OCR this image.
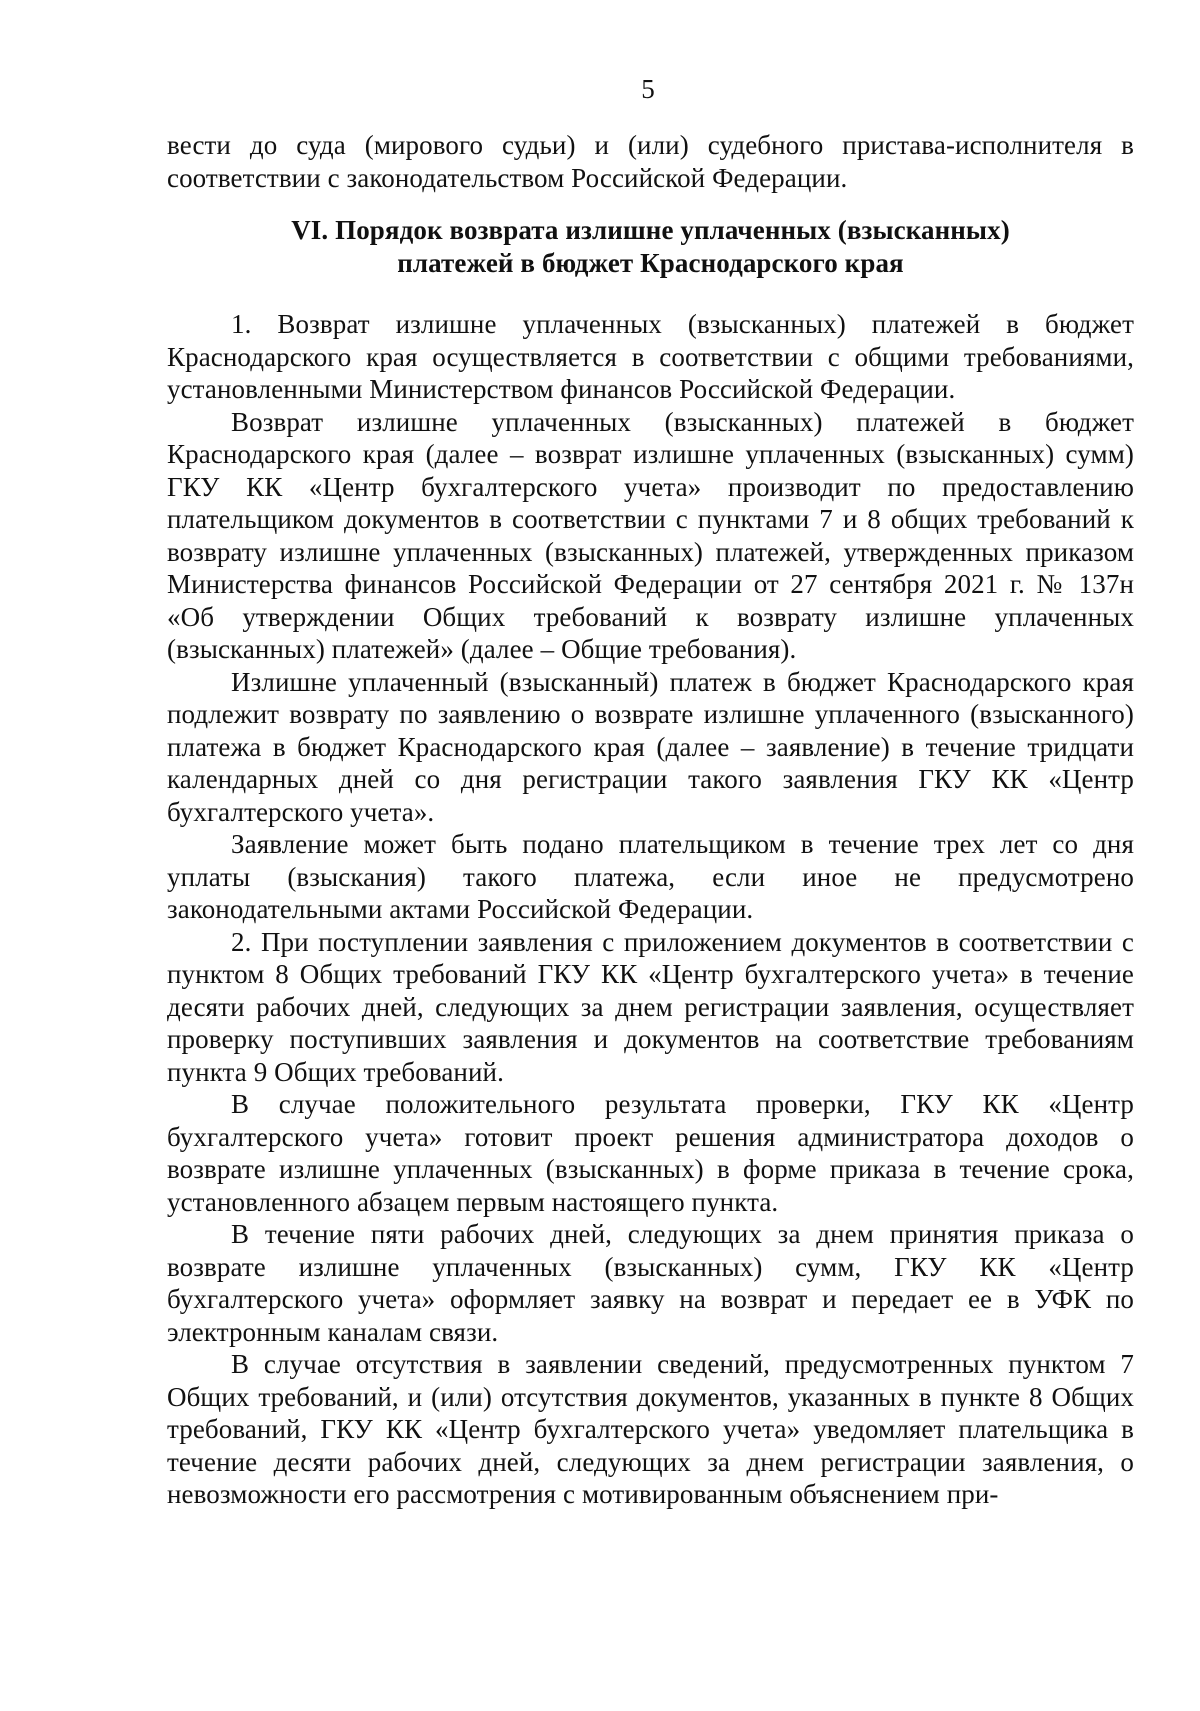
5

вести до суда (мирового судьи) и (или) судебного пристава-исполнителя в соответствии с законодательством Российской Федерации.

VI. Порядок возврата излишне уплаченных (взысканных)
платежей в бюджет Краснодарского края

1. Возврат излишне уплаченных (взысканных) платежей в бюджет Краснодарского края осуществляется в соответствии с общими требованиями, установленными Министерством финансов Российской Федерации.

Возврат излишне уплаченных (взысканных) платежей в бюджет Краснодарского края (далее – возврат излишне уплаченных (взысканных) сумм) ГКУ КК «Центр бухгалтерского учета» производит по предоставлению плательщиком документов в соответствии с пунктами 7 и 8 общих требований к возврату излишне уплаченных (взысканных) платежей, утвержденных приказом Министерства финансов Российской Федерации от 27 сентября 2021 г. № 137н «Об утверждении Общих требований к возврату излишне уплаченных (взысканных) платежей» (далее – Общие требования).

Излишне уплаченный (взысканный) платеж в бюджет Краснодарского края подлежит возврату по заявлению о возврате излишне уплаченного (взысканного) платежа в бюджет Краснодарского края (далее – заявление) в течение тридцати календарных дней со дня регистрации такого заявления ГКУ КК «Центр бухгалтерского учета».

Заявление может быть подано плательщиком в течение трех лет со дня уплаты (взыскания) такого платежа, если иное не предусмотрено законодательными актами Российской Федерации.

2. При поступлении заявления с приложением документов в соответствии с пунктом 8 Общих требований ГКУ КК «Центр бухгалтерского учета» в течение десяти рабочих дней, следующих за днем регистрации заявления, осуществляет проверку поступивших заявления и документов на соответствие требованиям пункта 9 Общих требований.

В случае положительного результата проверки, ГКУ КК «Центр бухгалтерского учета» готовит проект решения администратора доходов о возврате излишне уплаченных (взысканных) в форме приказа в течение срока, установленного абзацем первым настоящего пункта.

В течение пяти рабочих дней, следующих за днем принятия приказа о возврате излишне уплаченных (взысканных) сумм, ГКУ КК «Центр бухгалтерского учета» оформляет заявку на возврат и передает ее в УФК по электронным каналам связи.

В случае отсутствия в заявлении сведений, предусмотренных пунктом 7 Общих требований, и (или) отсутствия документов, указанных в пункте 8 Общих требований, ГКУ КК «Центр бухгалтерского учета» уведомляет плательщика в течение десяти рабочих дней, следующих за днем регистрации заявления, о невозможности его рассмотрения с мотивированным объяснением при-
